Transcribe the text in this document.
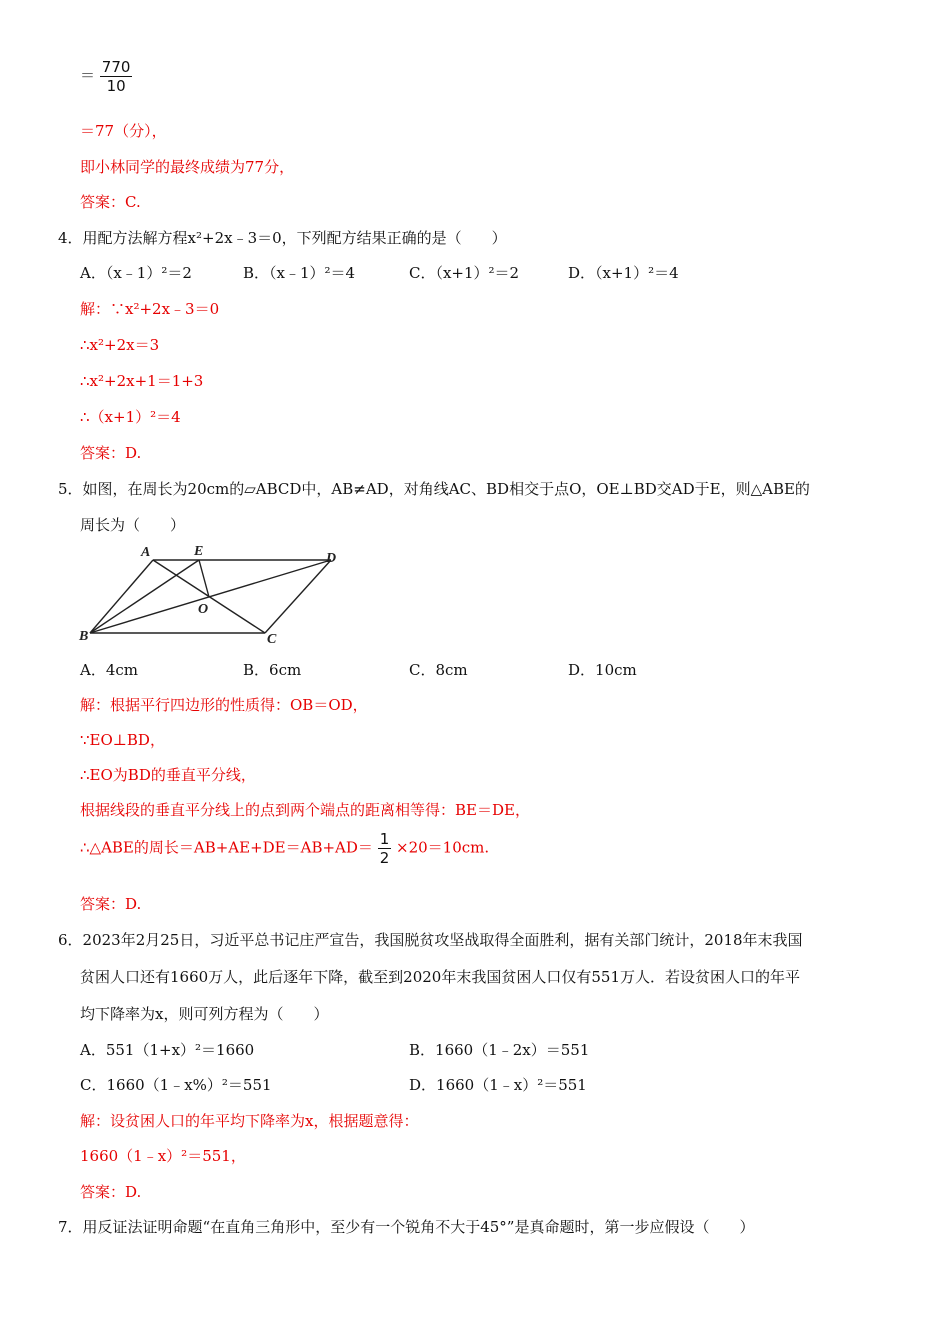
＝ $\frac{770}{10}$
＝77（分），
即小林同学的最终成绩为77分，
答案：C.
4．用配方法解方程x²+2x﹣3＝0，下列配方结果正确的是（　　）
A．（x﹣1）²＝2	B．（x﹣1）²＝4	C．（x+1）²＝2	D．（x+1）²＝4
解：∵x²+2x﹣3＝0
∴x²+2x＝3
∴x²+2x+1＝1+3
∴（x+1）²＝4
答案：D.
5．如图，在周长为20cm的▱ABCD中，AB≠AD，对角线AC、BD相交于点O，OE⊥BD交AD于E，则△ABE的
周长为（　　）
A	E	D
O
B	C
A．4cm	B．6cm	C．8cm	D．10cm
解：根据平行四边形的性质得：OB＝OD，
∵EO⊥BD，
∴EO为BD的垂直平分线，
根据线段的垂直平分线上的点到两个端点的距离相等得：BE＝DE，
∴△ABE的周长$=AB+AE+DE=AB+AD= \frac{1}{2} \times 20=10cm$.
答案：D.
6．2023年2月25日，习近平总书记庄严宣告，我国脱贫攻坚战取得全面胜利，据有关部门统计，2018年末我国
贫困人口还有1660万人，此后逐年下降，截至到2020年末我国贫困人口仅有551万人．若设贫困人口的年平
均下降率为x，则可列方程为（　　）
A．551（1+x）²＝1660	B．1660（1﹣2x）＝551
C．1660（1﹣x%）²＝551	D．1660（1﹣x）²＝551
解：设贫困人口的年平均下降率为x，根据题意得：
1660（1﹣x）²＝551，
答案：D.
7．用反证法证明命题“在直角三角形中，至少有一个锐角不大于45°”是真命题时，第一步应假设（　　）
